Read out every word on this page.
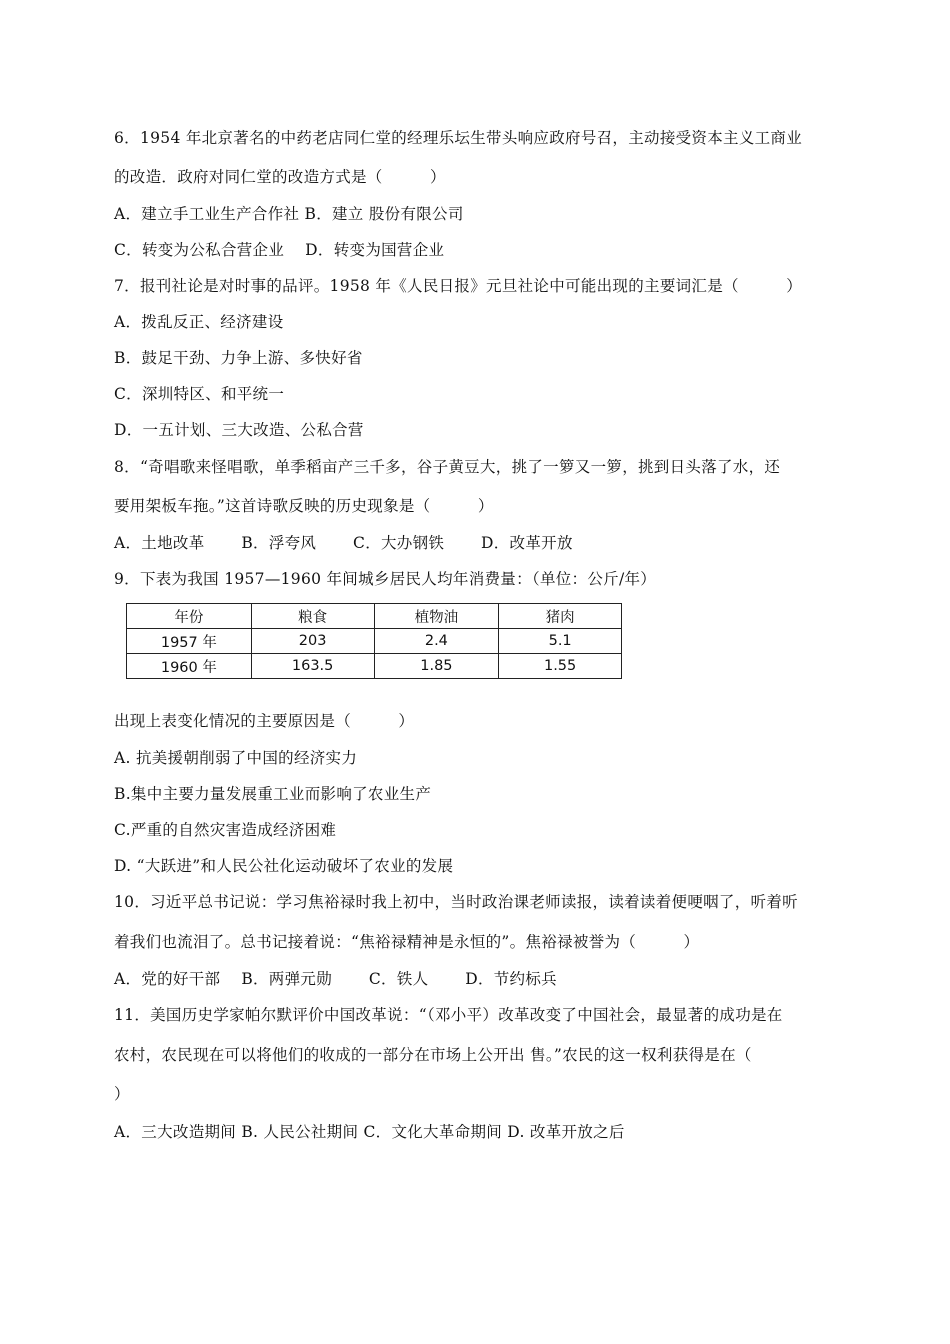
6．1954 年北京著名的中药老店同仁堂的经理乐坛生带头响应政府号召，主动接受资本主义工商业
的改造．政府对同仁堂的改造方式是（　　　）
A．建立手工业生产合作社 B．建立 股份有限公司
C．转变为公私合营企业　 D．转变为国营企业
7．报刊社论是对时事的品评。1958 年《人民日报》元旦社论中可能出现的主要词汇是（　　　）
A．拨乱反正、经济建设
B．鼓足干劲、力争上游、多快好省
C．深圳特区、和平统一
D．一五计划、三大改造、公私合营
8．“奇唱歌来怪唱歌，单季稻亩产三千多，谷子黄豆大，挑了一箩又一箩，挑到日头落了水，还
要用架板车拖。”这首诗歌反映的历史现象是（　　　）
A．土地改革　　 B．浮夸风　　 C．大办钢铁　　 D．改革开放
9．下表为我国 1957—1960 年间城乡居民人均年消费量：（单位：公斤/年）
年份	粮食	植物油	猪肉
1957 年	203	2.4	5.1
1960 年	163.5	1.85	1.55
出现上表变化情况的主要原因是（　　　）
A. 抗美援朝削弱了中国的经济实力
B.集中主要力量发展重工业而影响了农业生产
C.严重的自然灾害造成经济困难
D. “大跃进”和人民公社化运动破坏了农业的发展
10．习近平总书记说：学习焦裕禄时我上初中，当时政治课老师读报，读着读着便哽咽了，听着听
着我们也流泪了。总书记接着说：“焦裕禄精神是永恒的”。焦裕禄被誉为（　　　）
A．党的好干部　 B．两弹元勋　　 C．铁人　　 D．节约标兵
11．美国历史学家帕尔默评价中国改革说：“（邓小平）改革改变了中国社会，最显著的成功是在
农村，农民现在可以将他们的收成的一部分在市场上公开出 售。”农民的这一权利获得是在（
）
A．三大改造期间 B. 人民公社期间 C．文化大革命期间 D. 改革开放之后
